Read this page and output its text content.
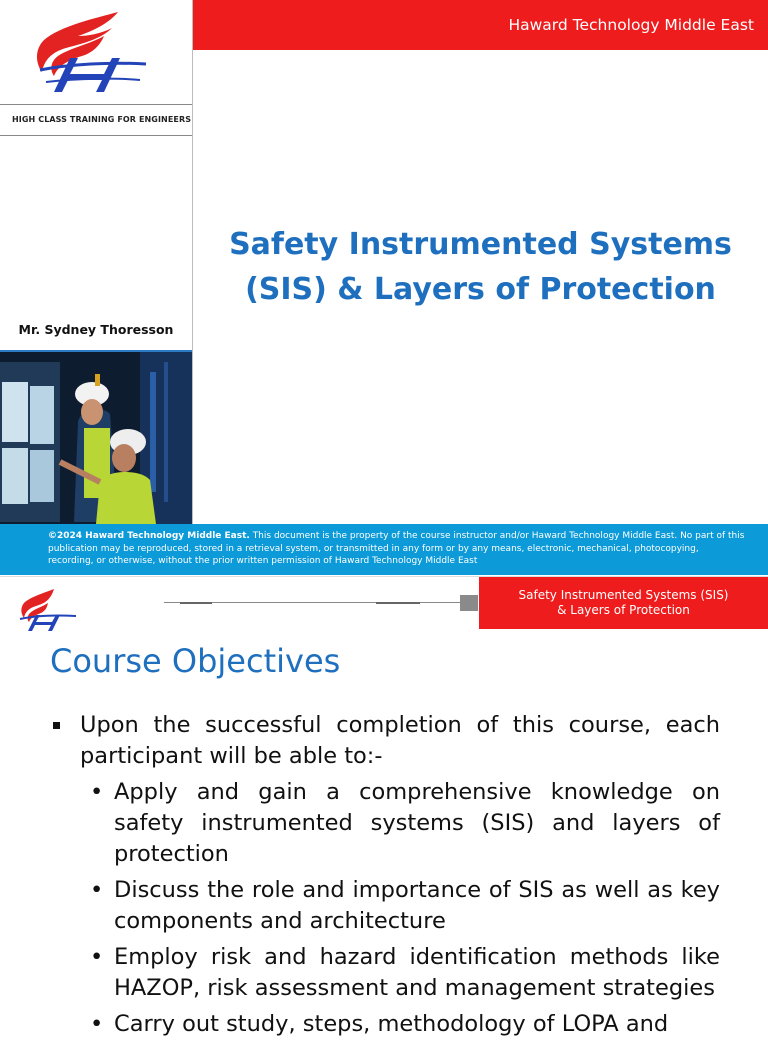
HIGH CLASS TRAINING FOR ENGINEERS
Mr. Sydney Thoresson
Haward Technology Middle East
Safety Instrumented Systems
(SIS) & Layers of Protection
©2024 Haward Technology Middle East. This document is the property of the course instructor and/or Haward Technology Middle East. No part of this publication may be reproduced, stored in a retrieval system, or transmitted in any form or by any means, electronic, mechanical, photocopying, recording, or otherwise, without the prior written permission of Haward Technology Middle East
Safety Instrumented Systems (SIS)
& Layers of Protection
Course Objectives
Upon the successful completion of this course, each participant will be able to:-
• Apply and gain a comprehensive knowledge on safety instrumented systems (SIS) and layers of protection
• Discuss the role and importance of SIS as well as key components and architecture
• Employ risk and hazard identification methods like HAZOP, risk assessment and management strategies
• Carry out study, steps, methodology of LOPA and
